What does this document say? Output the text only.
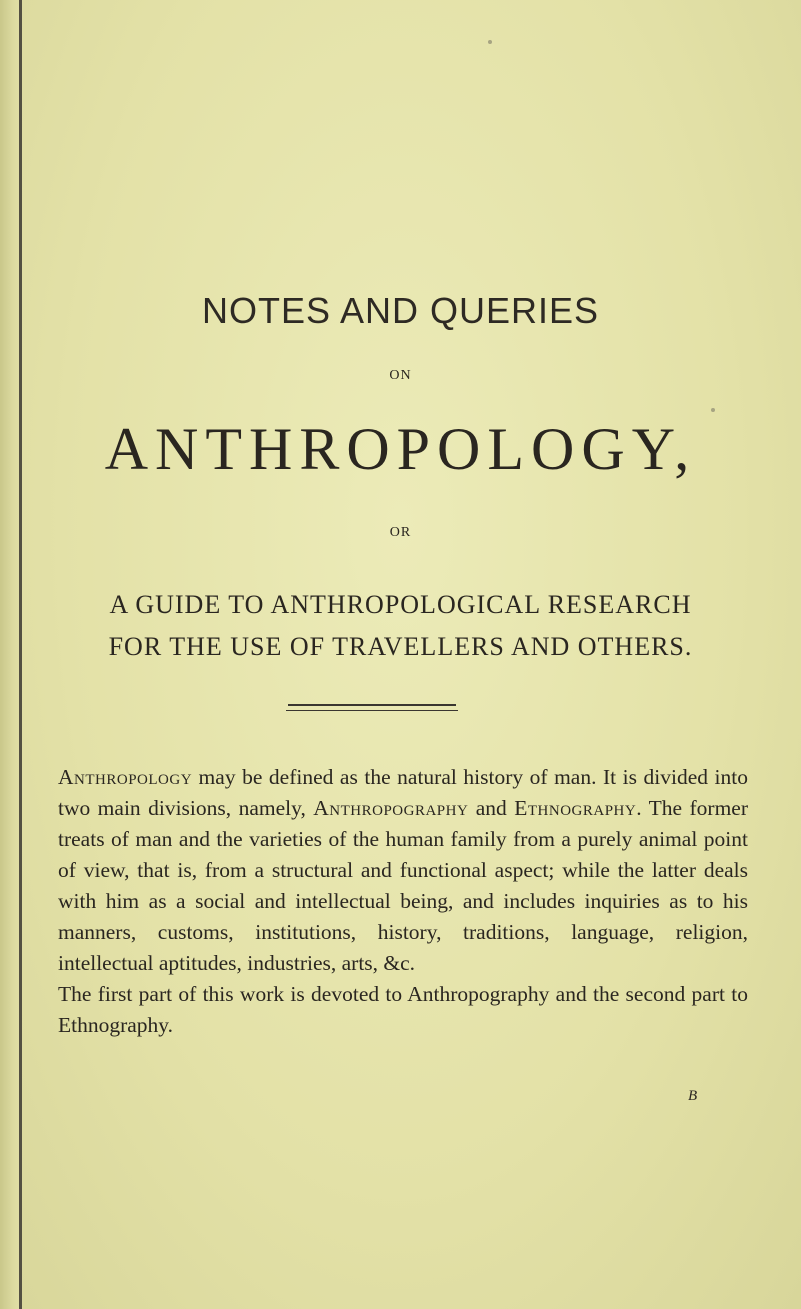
NOTES AND QUERIES
ON
ANTHROPOLOGY,
OR
A GUIDE TO ANTHROPOLOGICAL RESEARCH
FOR THE USE OF TRAVELLERS AND OTHERS.

Anthropology may be defined as the natural history of man. It is divided into two main divisions, namely, Anthropography and Ethnography. The former treats of man and the varieties of the human family from a purely animal point of view, that is, from a structural and functional aspect; while the latter deals with him as a social and intellectual being, and includes inquiries as to his manners, customs, institutions, history, traditions, language, religion, intellectual aptitudes, industries, arts, &c.

The first part of this work is devoted to Anthropography and the second part to Ethnography.

B
